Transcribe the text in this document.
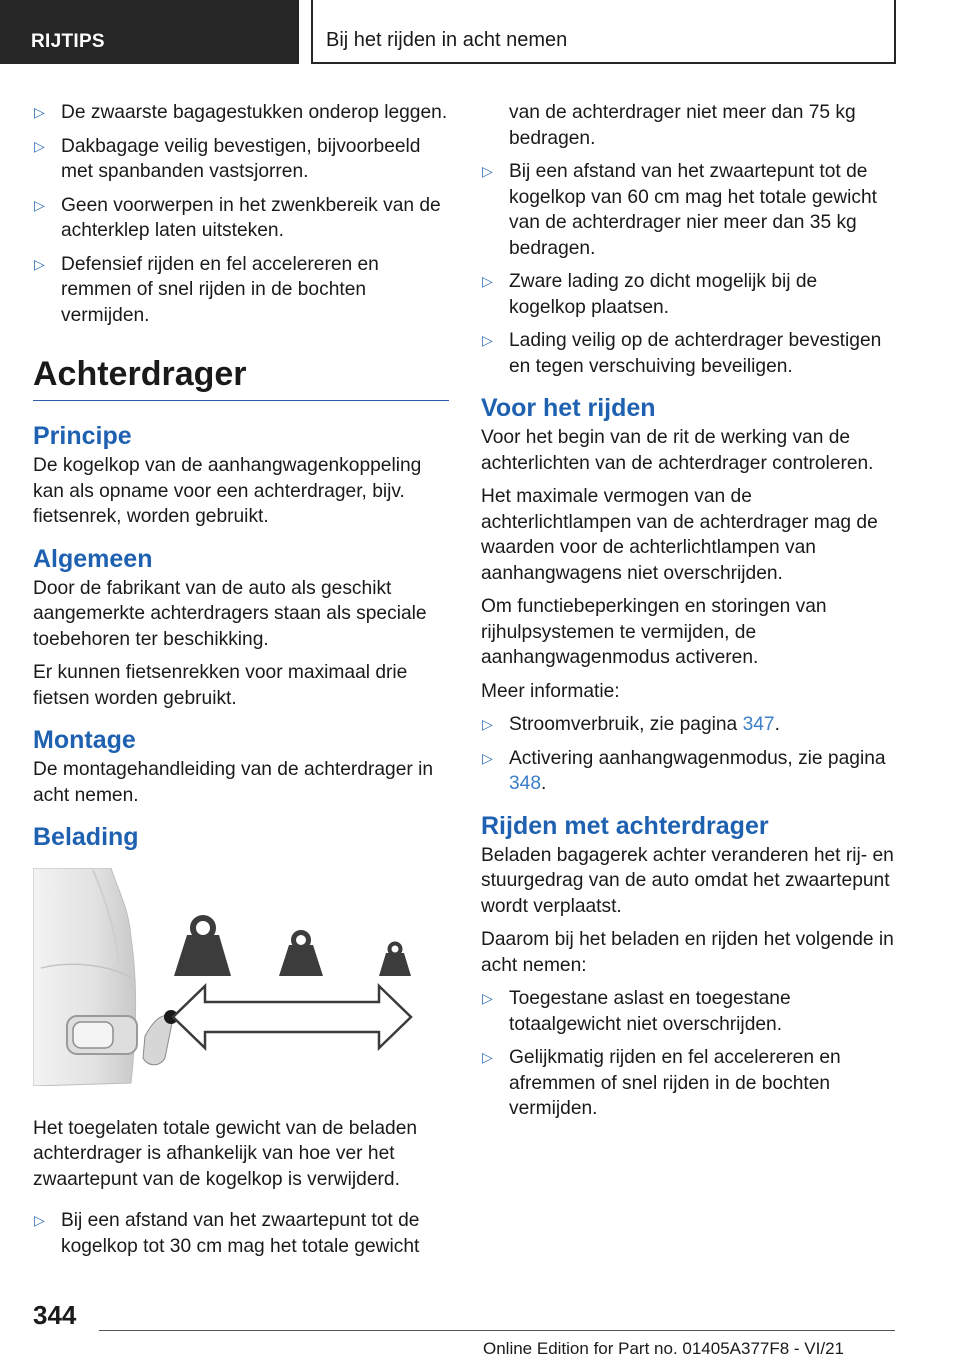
RIJTIPS	Bij het rijden in acht nemen
▷ De zwaarste bagagestukken onderop leggen.
▷ Dakbagage veilig bevestigen, bijvoorbeeld met spanbanden vastsjorren.
▷ Geen voorwerpen in het zwenkbereik van de achterklep laten uitsteken.
▷ Defensief rijden en fel accelereren en remmen of snel rijden in de bochten vermijden.
Achterdrager
Principe
De kogelkop van de aanhangwagenkoppeling kan als opname voor een achterdrager, bijv. fietsenrek, worden gebruikt.
Algemeen
Door de fabrikant van de auto als geschikt aangemerkte achterdragers staan als speciale toebehoren ter beschikking.
Er kunnen fietsenrekken voor maximaal drie fietsen worden gebruikt.
Montage
De montagehandleiding van de achterdrager in acht nemen.
Belading
Het toegelaten totale gewicht van de beladen achterdrager is afhankelijk van hoe ver het zwaartepunt van de kogelkop is verwijderd.
▷ Bij een afstand van het zwaartepunt tot de kogelkop tot 30 cm mag het totale gewicht
van de achterdrager niet meer dan 75 kg bedragen.
▷ Bij een afstand van het zwaartepunt tot de kogelkop van 60 cm mag het totale gewicht van de achterdrager nier meer dan 35 kg bedragen.
▷ Zware lading zo dicht mogelijk bij de kogelkop plaatsen.
▷ Lading veilig op de achterdrager bevestigen en tegen verschuiving beveiligen.
Voor het rijden
Voor het begin van de rit de werking van de achterlichten van de achterdrager controleren.
Het maximale vermogen van de achterlichtlampen van de achterdrager mag de waarden voor de achterlichtlampen van aanhangwagens niet overschrijden.
Om functiebeperkingen en storingen van rijhulpsystemen te vermijden, de aanhangwagenmodus activeren.
Meer informatie:
▷ Stroomverbruik, zie pagina 347.
▷ Activering aanhangwagenmodus, zie pagina 348.
Rijden met achterdrager
Beladen bagagerek achter veranderen het rij- en stuurgedrag van de auto omdat het zwaartepunt wordt verplaatst.
Daarom bij het beladen en rijden het volgende in acht nemen:
▷ Toegestane aslast en toegestane totaalgewicht niet overschrijden.
▷ Gelijkmatig rijden en fel accelereren en afremmen of snel rijden in de bochten vermijden.
344
Online Edition for Part no. 01405A377F8 - VI/21
